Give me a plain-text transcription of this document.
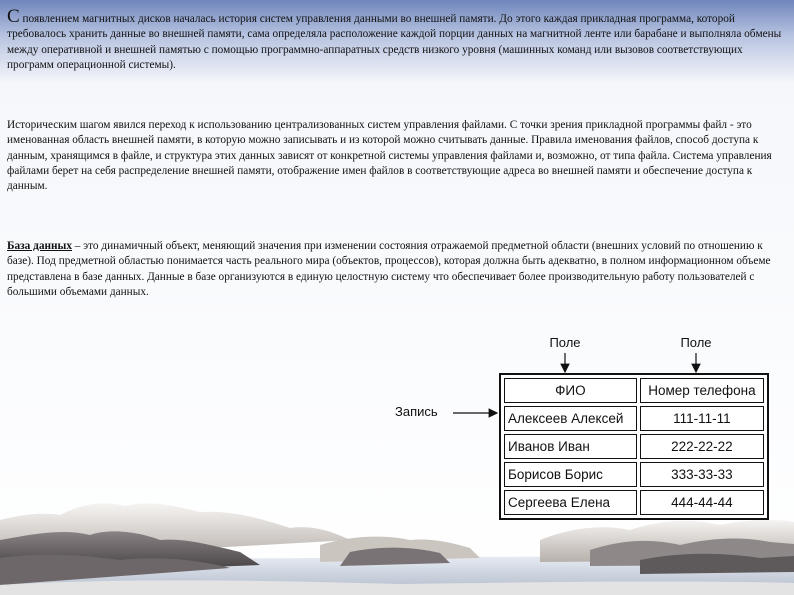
С появлением магнитных дисков началась история систем управления данными во внешней памяти. До этого каждая прикладная программа, которой требовалось хранить данные во внешней памяти, сама определяла расположение каждой порции данных на магнитной ленте или барабане и выполняла обмены между оперативной и внешней памятью с помощью программно-аппаратных средств низкого уровня (машинных команд или вызовов соответствующих программ операционной системы).

Историческим шагом явился переход к использованию централизованных систем управления файлами. С точки зрения прикладной программы файл - это именованная область внешней памяти, в которую можно записывать и из которой можно считывать данные. Правила именования файлов, способ доступа к данным, хранящимся в файле, и структура этих данных зависят от конкретной системы управления файлами и, возможно, от типа файла. Система управления файлами берет на себя распределение внешней памяти, отображение имен файлов в соответствующие адреса во внешней памяти и обеспечение доступа к данным.

База данных – это динамичный объект, меняющий значения при изменении состояния отражаемой предметной области (внешних условий по отношению к базе). Под предметной областью понимается часть реального мира (объектов, процессов), которая должна быть адекватно, в полном информационном объеме представлена в базе данных. Данные в базе организуются в единую целостную систему что обеспечивает более производительную работу пользователей с большими объемами данных.

Поле	Поле
Запись
ФИО	Номер телефона
Алексеев Алексей	111-11-11
Иванов Иван	222-22-22
Борисов Борис	333-33-33
Сергеева Елена	444-44-44
